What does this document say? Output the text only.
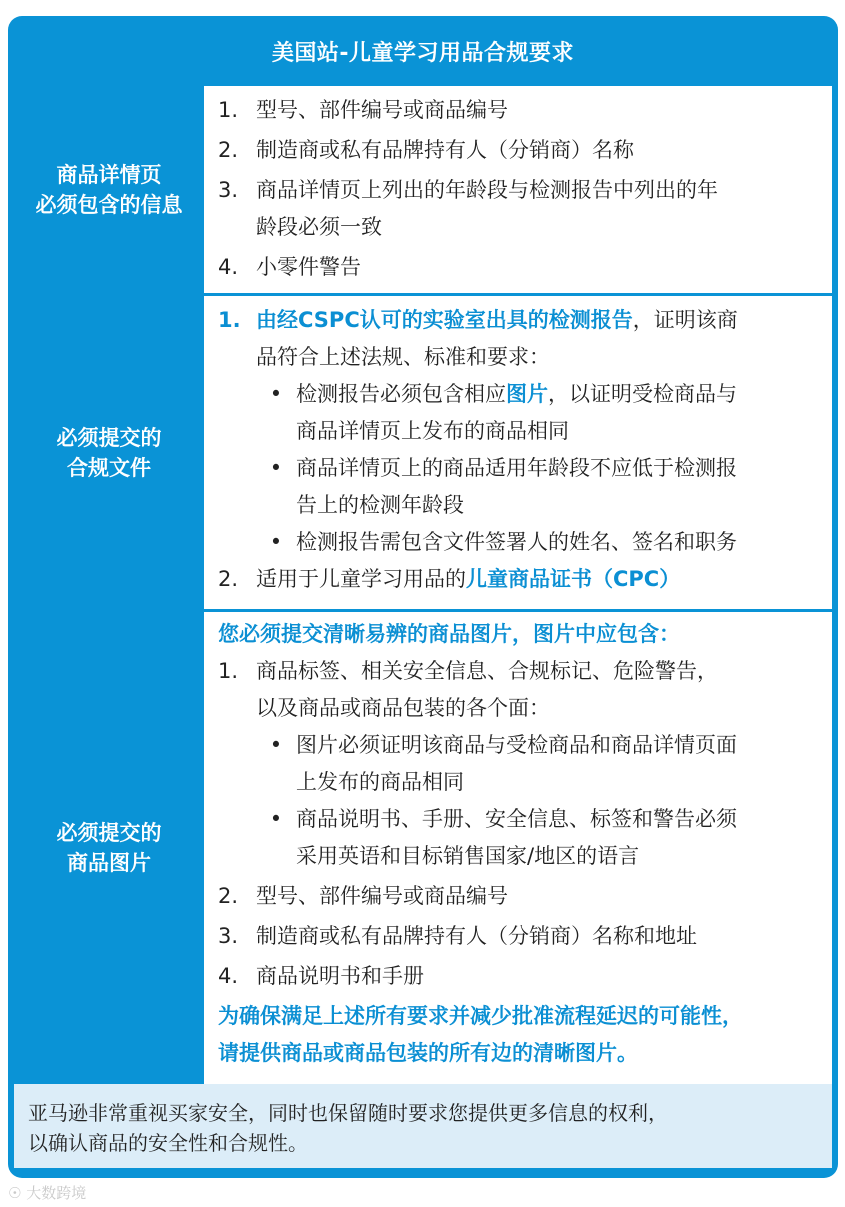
美国站-儿童学习用品合规要求
商品详情页
必须包含的信息
1. 型号、部件编号或商品编号
2. 制造商或私有品牌持有人（分销商）名称
3. 商品详情页上列出的年龄段与检测报告中列出的年
龄段必须一致
4. 小零件警告
必须提交的
合规文件
1. 由经CSPC认可的实验室出具的检测报告，证明该商
品符合上述法规、标准和要求：
• 检测报告必须包含相应图片，以证明受检商品与
商品详情页上发布的商品相同
• 商品详情页上的商品适用年龄段不应低于检测报
告上的检测年龄段
• 检测报告需包含文件签署人的姓名、签名和职务
2. 适用于儿童学习用品的儿童商品证书（CPC）
必须提交的
商品图片
您必须提交清晰易辨的商品图片，图片中应包含：
1. 商品标签、相关安全信息、合规标记、危险警告，
以及商品或商品包装的各个面：
• 图片必须证明该商品与受检商品和商品详情页面
上发布的商品相同
• 商品说明书、手册、安全信息、标签和警告必须
采用英语和目标销售国家/地区的语言
2. 型号、部件编号或商品编号
3. 制造商或私有品牌持有人（分销商）名称和地址
4. 商品说明书和手册
为确保满足上述所有要求并减少批准流程延迟的可能性，
请提供商品或商品包装的所有边的清晰图片。
亚马逊非常重视买家安全，同时也保留随时要求您提供更多信息的权利，
以确认商品的安全性和合规性。
☉ 大数跨境
